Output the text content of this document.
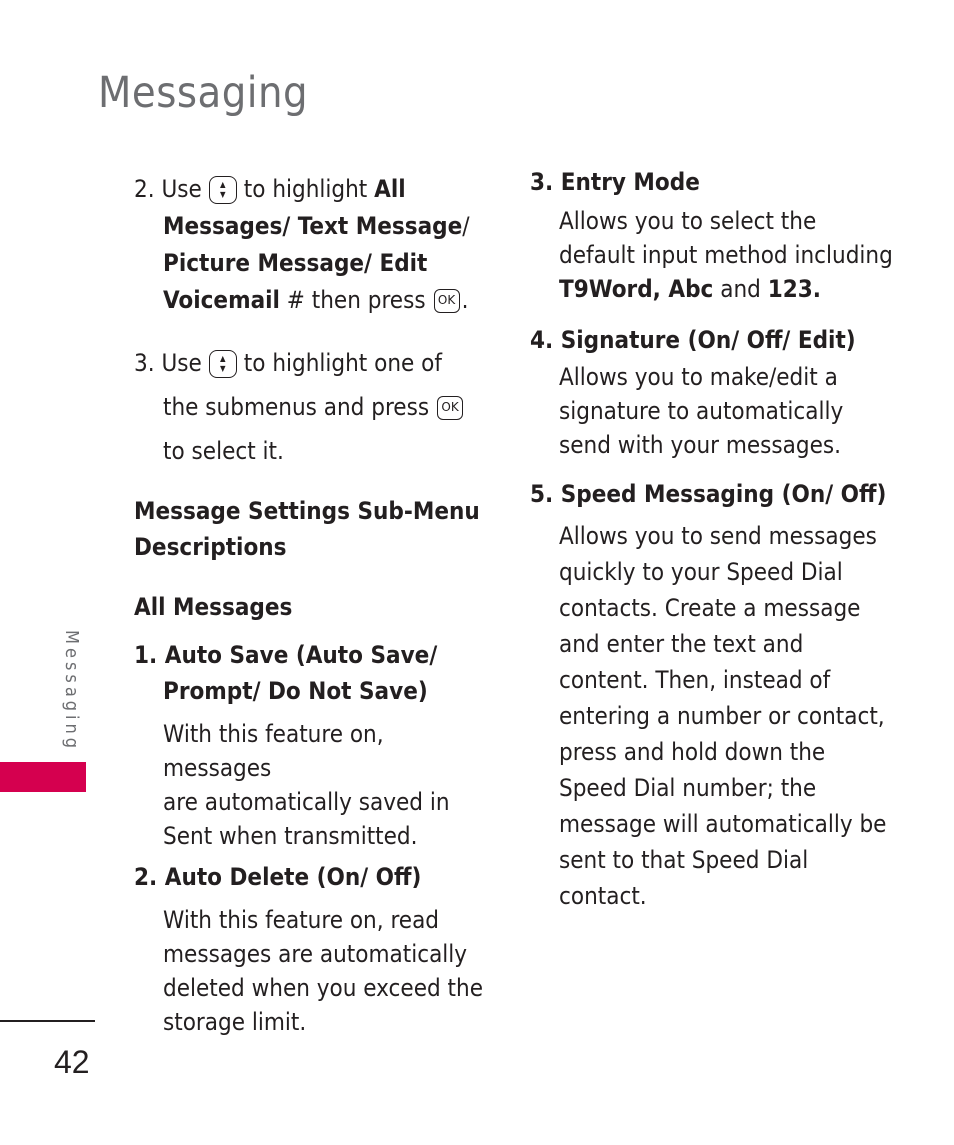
Messaging
2. Use	▲
▼ to highlight All
Messages/ Text Message/
Picture Message/ Edit
Voicemail # then press OK .
3. Use	▲
▼ to highlight one of
the submenus and press OK
to select it.
Message Settings Sub-Menu
Descriptions
All Messages
1. Auto Save (Auto Save/
Prompt/ Do Not Save)
With this feature on, messages
are automatically saved in
Sent when transmitted.
2. Auto Delete (On/ Off)
With this feature on, read
messages are automatically
deleted when you exceed the
storage limit.
3. Entry Mode
Allows you to select the
default input method including
T9Word, Abc and 123.
4. Signature (On/ Off/ Edit)
Allows you to make/edit a
signature to automatically
send with your messages.
5. Speed Messaging (On/ Off)
Allows you to send messages
quickly to your Speed Dial
contacts. Create a message
and enter the text and
content. Then, instead of
entering a number or contact,
press and hold down the
Speed Dial number; the
message will automatically be
sent to that Speed Dial
contact.
Messaging
42
